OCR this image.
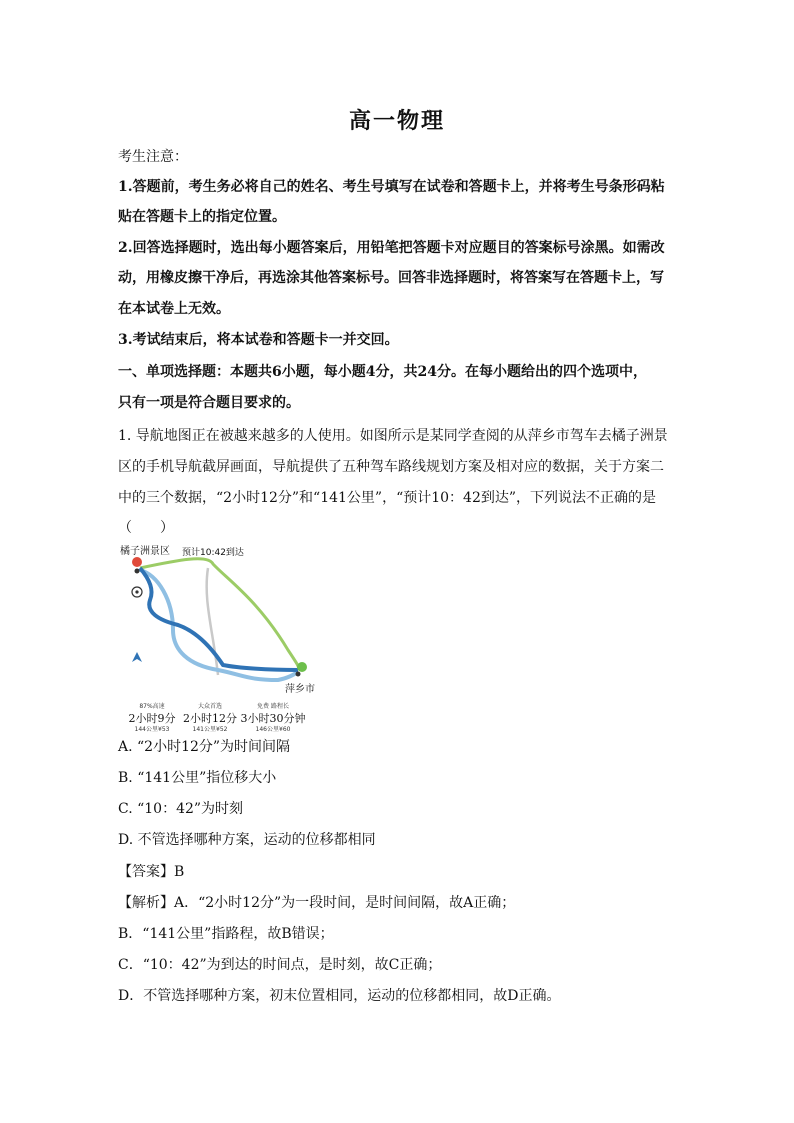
高一物理
考生注意：
1.答题前，考生务必将自己的姓名、考生号填写在试卷和答题卡上，并将考生号条形码粘
贴在答题卡上的指定位置。
2.回答选择题时，选出每小题答案后，用铅笔把答题卡对应题目的答案标号涂黑。如需改
动，用橡皮擦干净后，再选涂其他答案标号。回答非选择题时，将答案写在答题卡上，写
在本试卷上无效。
3.考试结束后，将本试卷和答题卡一并交回。
一、单项选择题：本题共6小题，每小题4分，共24分。在每小题给出的四个选项中，
只有一项是符合题目要求的。
1. 导航地图正在被越来越多的人使用。如图所示是某同学查阅的从萍乡市驾车去橘子洲景
区的手机导航截屏画面，导航提供了五种驾车路线规划方案及相对应的数据，关于方案二
中的三个数据，“2小时12分”和“141公里”，“预计10：42到达”，下列说法不正确的是
（　　）
橘子洲景区 预计10:42到达
萍乡市
87%高速
2小时9分
144公里¥53
大众首选
2小时12分
141公里¥52
免费 路程长
3小时30分钟
146公里¥60
A. “2小时12分”为时间间隔
B. “141公里”指位移大小
C. “10：42”为时刻
D. 不管选择哪种方案，运动的位移都相同
【答案】B
【解析】A．“2小时12分”为一段时间，是时间间隔，故A正确；
B．“141公里”指路程，故B错误；
C．“10：42”为到达的时间点，是时刻，故C正确；
D．不管选择哪种方案，初末位置相同，运动的位移都相同，故D正确。
